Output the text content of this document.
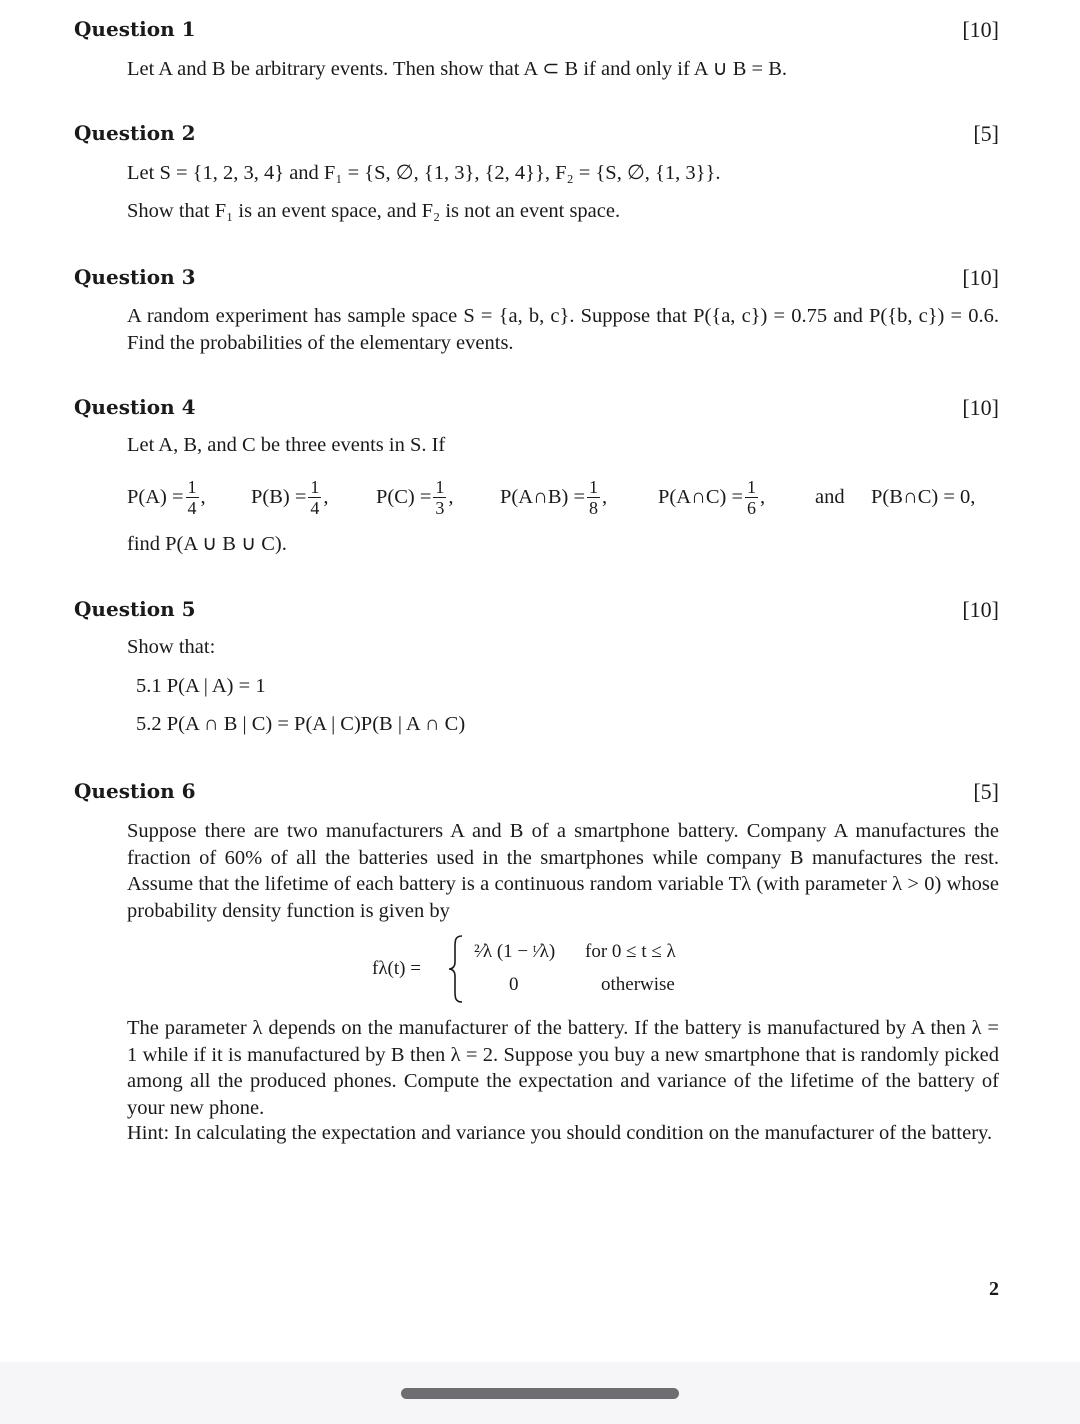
Question 1	[10]
Let A and B be arbitrary events. Then show that A ⊂ B if and only if A ∪ B = B.
Question 2	[5]
Let S = {1, 2, 3, 4} and F₁ = {S, ∅, {1, 3}, {2, 4}}, F₂ = {S, ∅, {1, 3}}.
Show that F₁ is an event space, and F₂ is not an event space.
Question 3	[10]
A random experiment has sample space S = {a, b, c}. Suppose that P({a, c}) = 0.75 and P({b, c}) = 0.6. Find the probabilities of the elementary events.
Question 4	[10]
Let A, B, and C be three events in S. If
$P(A) = \frac{1}{4}$ , $P(B) = \frac{1}{4}$ , $P(C) = \frac{1}{3}$ , P(A∩B) = $\frac{1}{8}$ , P(A∩C) = $\frac{1}{6}$ , and P(B∩C) = 0,
find P(A ∪ B ∪ C).
Question 5	[10]
Show that:
5.1 P(A | A) = 1
5.2 P(A ∩ B | C) = P(A | C)P(B | A ∩ C)
Question 6	[5]
Suppose there are two manufacturers A and B of a smartphone battery. Company A manufactures the fraction of 60% of all the batteries used in the smartphones while company B manufactures the rest. Assume that the lifetime of each battery is a continuous random variable Tλ (with parameter λ > 0) whose probability density function is given by
fλ(t) =
²⁄λ (1 − ᵗ⁄λ) for 0 ≤ t ≤ λ
0	otherwise
The parameter λ depends on the manufacturer of the battery. If the battery is manufactured by A then λ = 1 while if it is manufactured by B then λ = 2. Suppose you buy a new smartphone that is randomly picked among all the produced phones. Compute the expectation and variance of the lifetime of the battery of your new phone.
Hint: In calculating the expectation and variance you should condition on the manufacturer of the battery.
2
